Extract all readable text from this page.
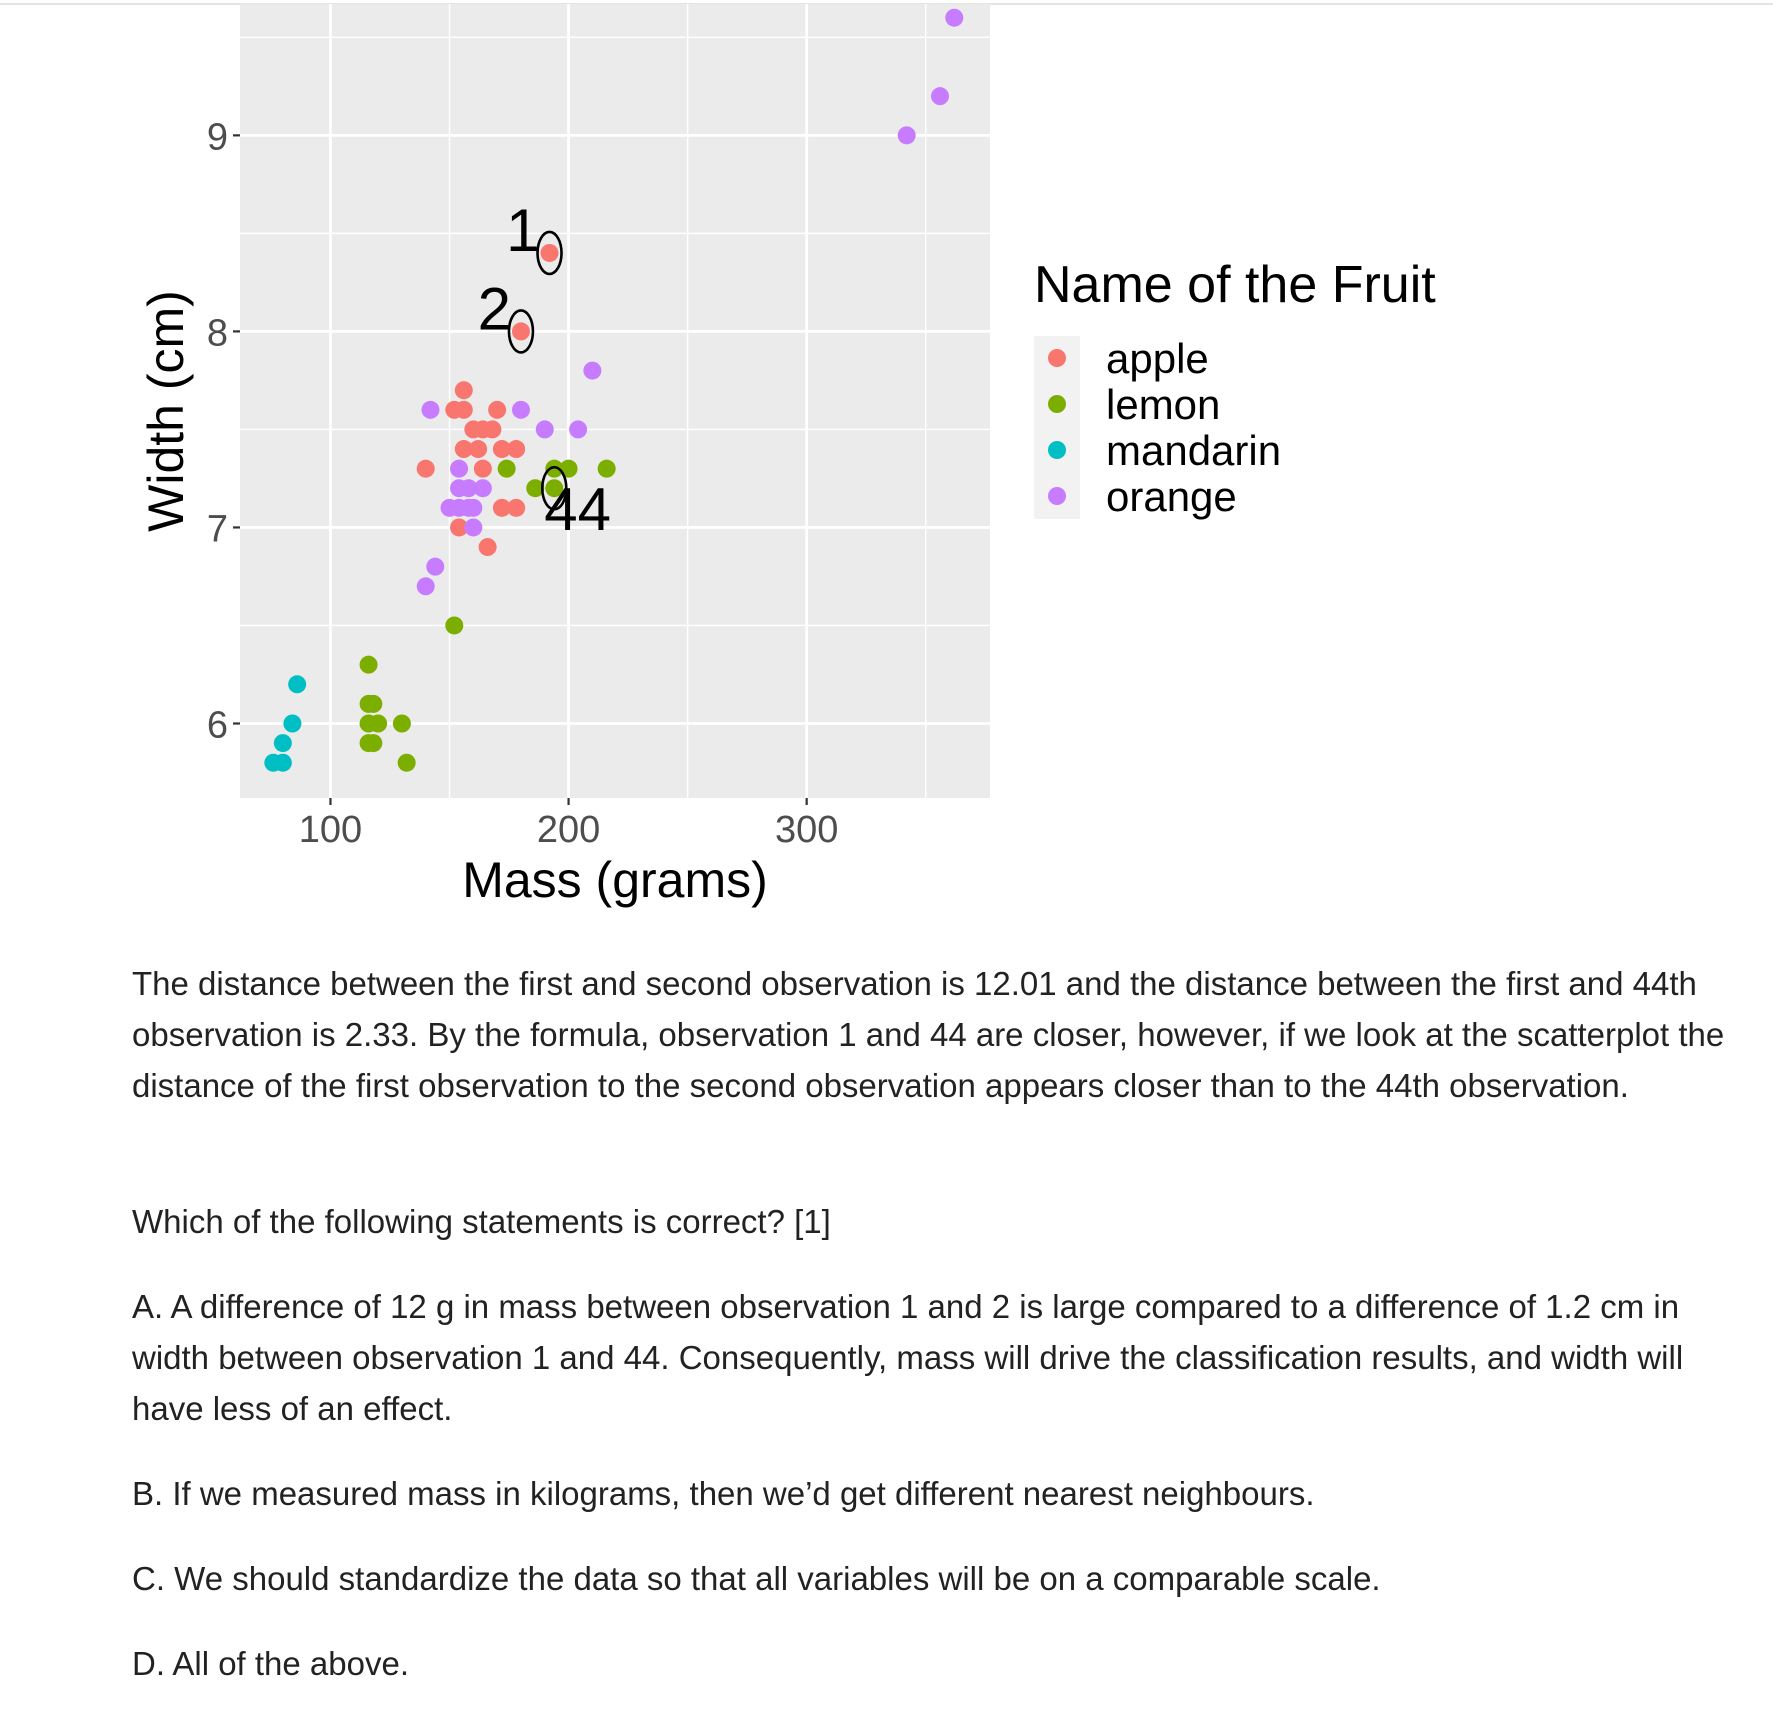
100	200	300
6
7
8
9
1
2
44
Mass (grams)
Width (cm)
Name of the Fruit
apple
lemon
mandarin
orange

The distance between the first and second observation is 12.01 and the distance between the first and 44th observation is 2.33. By the formula, observation 1 and 44 are closer, however, if we look at the scatterplot the distance of the first observation to the second observation appears closer than to the 44th observation.

Which of the following statements is correct? [1]

A. A difference of 12 g in mass between observation 1 and 2 is large compared to a difference of 1.2 cm in width between observation 1 and 44. Consequently, mass will drive the classification results, and width will have less of an effect.

B. If we measured mass in kilograms, then we’d get different nearest neighbours.

C. We should standardize the data so that all variables will be on a comparable scale.

D. All of the above.
